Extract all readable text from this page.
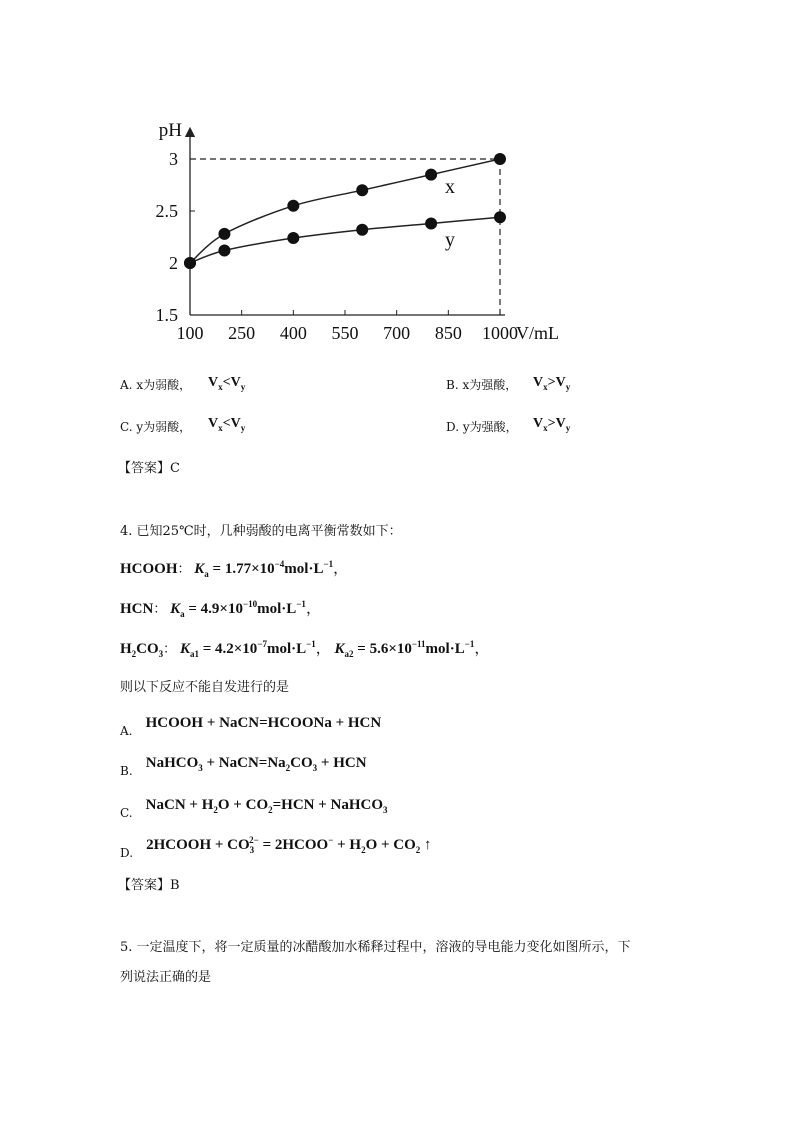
1.5
2
2.5
3
100 250 400 550 700 850 1000
pH
V/mL
x
y
A. x为弱酸， $V_x<V_y$	B. x为强酸， $V_x>V_y$
C. y为弱酸， $V_x<V_y$	D. y为强酸， $V_x>V_y$
【答案】C
4. 已知25℃时，几种弱酸的电离平衡常数如下：
HCOOH： $K_a = 1.77\times 10^{-4}mol\cdot L^{-1}$，
HCN： $K_a = 4.9\times 10^{-10}mol\cdot L^{-1}$，
$H_2CO_3$： $K_{a1} = 4.2\times 10^{-7}mol\cdot L^{-1}$， $K_{a2} = 5.6\times 10^{-11}mol\cdot L^{-1}$，
则以下反应不能自发进行的是
$_{A.}$ HCOOH + NaCN=HCOONa + HCN
$_{B.}$ NaHCO$_3$ + $NaCN=Na_2CO_3$ + HCN
$_{C.}$ NaCN + $H_2O + CO_2=HCN$ + NaHCO$_3$
$_{D.}$ 2HCOOH + $CO_3^{2-}$ = 2HCOO− + $H_2O + CO_2$ ↑
【答案】B
5. 一定温度下，将一定质量的冰醋酸加水稀释过程中，溶液的导电能力变化如图所示，下
列说法正确的是
